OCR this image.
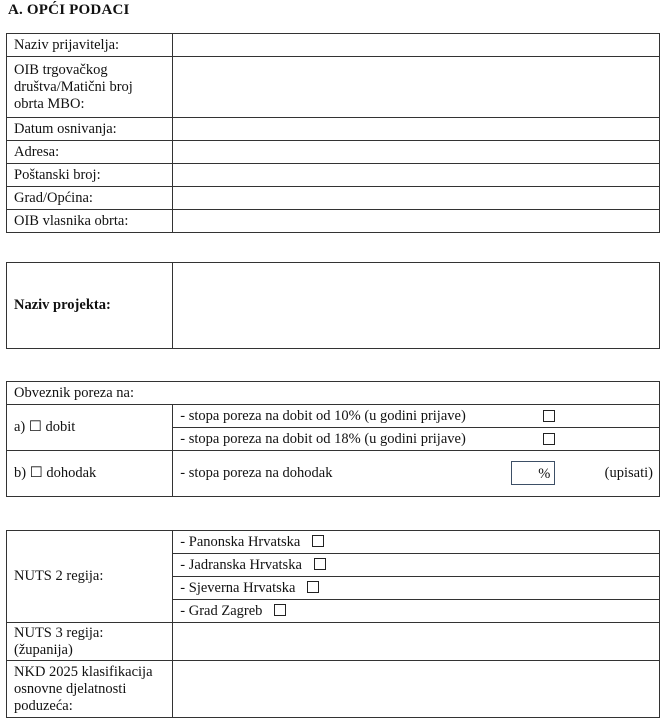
A. OPĆI PODACI
Naziv prijavitelja:	
OIB trgovačkog društva/Matični broj obrta MBO:	
Datum osnivanja:	
Adresa:	
Poštanski broj:	
Grad/Općina:	
OIB vlasnika obrta:	
Naziv projekta:	
Obveznik poreza na:	
a) ☐ dobit	- stopa poreza na dobit od 10% (u godini prijave)

	- stopa poreza na dobit od 18% (u godini prijave)

b) ☐ dohodak	- stopa poreza na dohodak % (upisati)
NUTS 2 regija:	- Panonska Hrvatska
	- Jadranska Hrvatska
	- Sjeverna Hrvatska
	- Grad Zagreb
NUTS 3 regija: (županija)	
NKD 2025 klasifikacija osnovne djelatnosti poduzeća:	
